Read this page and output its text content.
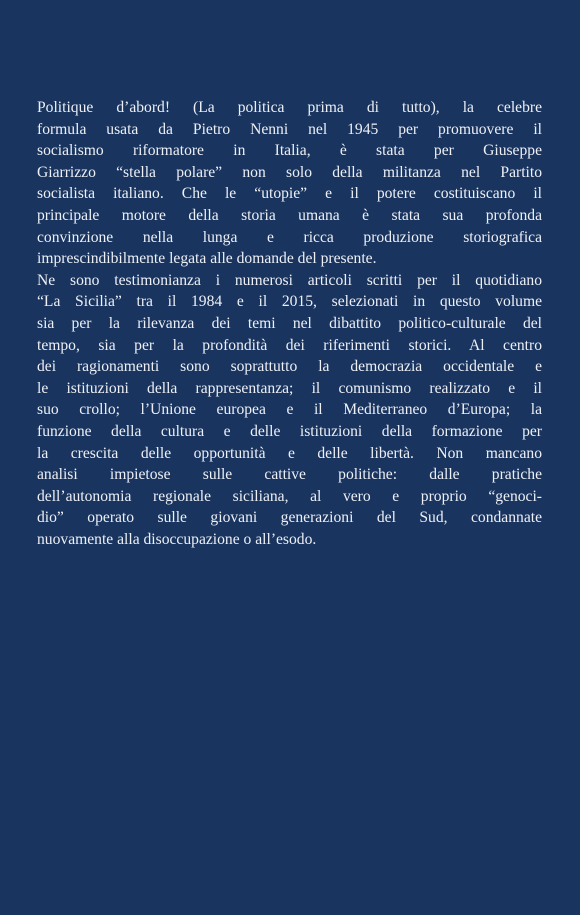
Politique d’abord! (La politica prima di tutto), la celebre
formula usata da Pietro Nenni nel 1945 per promuovere il
socialismo riformatore in Italia, è stata per Giuseppe
Giarrizzo “stella polare” non solo della militanza nel Partito
socialista italiano. Che le “utopie” e il potere costituiscano il
principale motore della storia umana è stata sua profonda
convinzione nella lunga e ricca produzione storiografica
imprescindibilmente legata alle domande del presente.
Ne sono testimonianza i numerosi articoli scritti per il quotidiano
“La Sicilia” tra il 1984 e il 2015, selezionati in questo volume
sia per la rilevanza dei temi nel dibattito politico-culturale del
tempo, sia per la profondità dei riferimenti storici. Al centro
dei ragionamenti sono soprattutto la democrazia occidentale e
le istituzioni della rappresentanza; il comunismo realizzato e il
suo crollo; l’Unione europea e il Mediterraneo d’Europa; la
funzione della cultura e delle istituzioni della formazione per
la crescita delle opportunità e delle libertà. Non mancano
analisi impietose sulle cattive politiche: dalle pratiche
dell’autonomia regionale siciliana, al vero e proprio “genoci-
dio” operato sulle giovani generazioni del Sud, condannate
nuovamente alla disoccupazione o all’esodo.
